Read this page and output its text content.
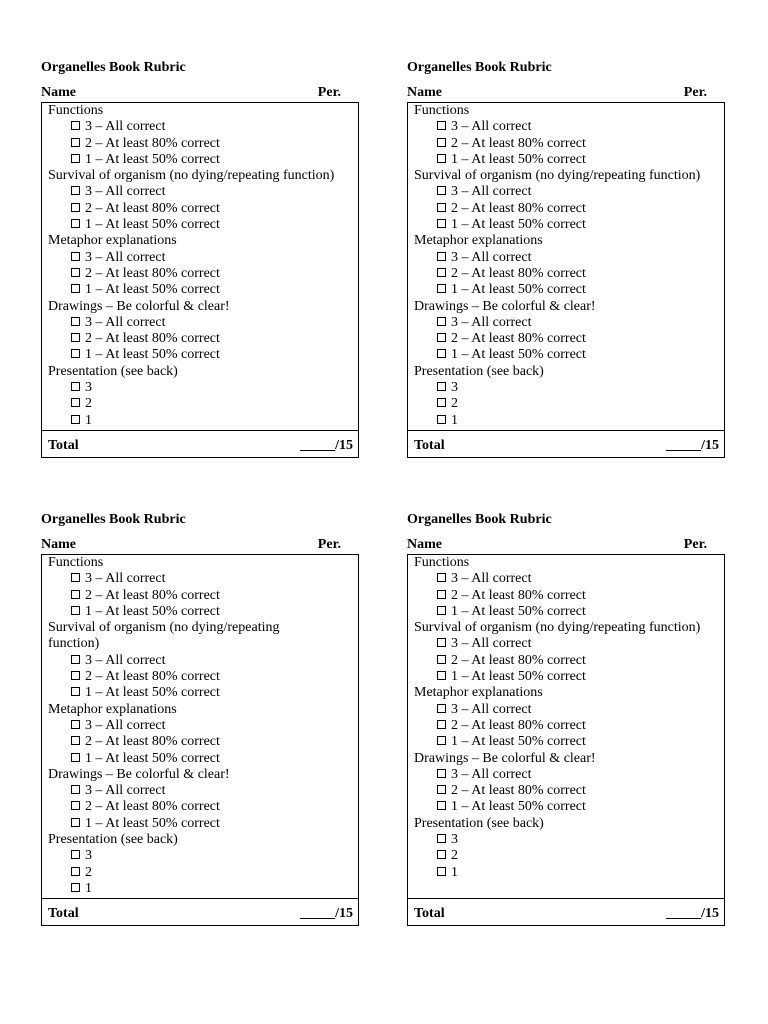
Organelles Book Rubric
Name	Per.
Functions
3 – All correct
2 – At least 80% correct
1 – At least 50% correct
Survival of organism (no dying/repeating function)
3 – All correct
2 – At least 80% correct
1 – At least 50% correct
Metaphor explanations
3 – All correct
2 – At least 80% correct
1 – At least 50% correct
Drawings – Be colorful & clear!
3 – All correct
2 – At least 80% correct
1 – At least 50% correct
Presentation (see back)
3
2
1
Total	_____/15
Organelles Book Rubric
Name	Per.
Functions
3 – All correct
2 – At least 80% correct
1 – At least 50% correct
Survival of organism (no dying/repeating function)
3 – All correct
2 – At least 80% correct
1 – At least 50% correct
Metaphor explanations
3 – All correct
2 – At least 80% correct
1 – At least 50% correct
Drawings – Be colorful & clear!
3 – All correct
2 – At least 80% correct
1 – At least 50% correct
Presentation (see back)
3
2
1
Total	_____/15
Organelles Book Rubric
Name	Per.
Functions
3 – All correct
2 – At least 80% correct
1 – At least 50% correct
Survival of organism (no dying/repeating
function)
3 – All correct
2 – At least 80% correct
1 – At least 50% correct
Metaphor explanations
3 – All correct
2 – At least 80% correct
1 – At least 50% correct
Drawings – Be colorful & clear!
3 – All correct
2 – At least 80% correct
1 – At least 50% correct
Presentation (see back)
3
2
1
Total	_____/15
Organelles Book Rubric
Name	Per.
Functions
3 – All correct
2 – At least 80% correct
1 – At least 50% correct
Survival of organism (no dying/repeating function)
3 – All correct
2 – At least 80% correct
1 – At least 50% correct
Metaphor explanations
3 – All correct
2 – At least 80% correct
1 – At least 50% correct
Drawings – Be colorful & clear!
3 – All correct
2 – At least 80% correct
1 – At least 50% correct
Presentation (see back)
3
2
1
Total	_____/15
